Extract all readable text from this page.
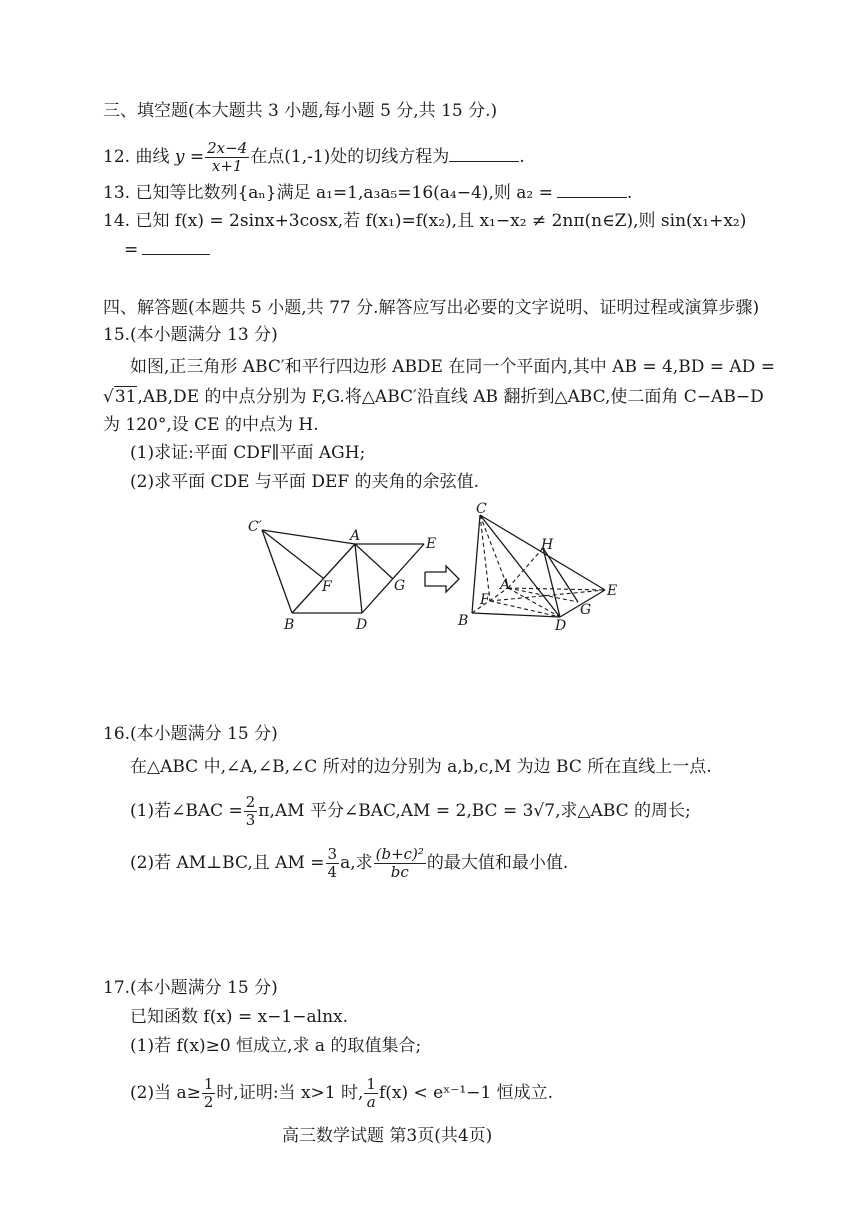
三、填空题(本大题共 3 小题,每小题 5 分,共 15 分.)
12. 曲线 $y = \frac{2x-4}{x+1}$ 在点(1,-1)处的切线方程为	.
13. 已知等比数列{aₙ}满足 a₁=1,a₃a₅=16(a₄−4),则 a₂ =	.
14. 已知 f(x) = 2sinx+3cosx,若 f(x₁)=f(x₂),且 x₁−x₂ ≠ 2nπ(n∈Z),则 sin(x₁+x₂)
=
四、解答题(本题共 5 小题,共 77 分.解答应写出必要的文字说明、证明过程或演算步骤)
15.(本小题满分 13 分)
如图,正三角形 ABC′和平行四边形 ABDE 在同一个平面内,其中 AB = 4,BD = AD =
√31,AB,DE 的中点分别为 F,G.将△ABC′沿直线 AB 翻折到△ABC,使二面角 C−AB−D
为 120°,设 CE 的中点为 H.
(1)求证:平面 CDF∥平面 AGH;
(2)求平面 CDE 与平面 DEF 的夹角的余弦值.
C′
A	E
F	G
B	D
C
H
A	E
F
G
B	D
16.(本小题满分 15 分)
在△ABC 中,∠A,∠B,∠C 所对的边分别为 a,b,c,M 为边 BC 所在直线上一点.
(1)若∠BAC = $\frac{2}{3} \pi,AM$ 平分∠BAC,AM = 2,BC = 3√7,求△ABC 的周长;
(2)若 AM⊥BC,且 AM = $\frac{3}{4} a$,求 $\frac{\text{(b+c)²}}{bc}$ 的最大值和最小值.
17.(本小题满分 15 分)
已知函数 f(x) = x−1−alnx.
(1)若 f(x)≥0 恒成立,求 a 的取值集合;
(2)当 $a\ge \frac{1}{2}$ 时,证明:当 x>1 时, $\frac{1}{a} f(x)$ < eˣ⁻¹−1 恒成立.
高三数学试题 第3页(共4页)
